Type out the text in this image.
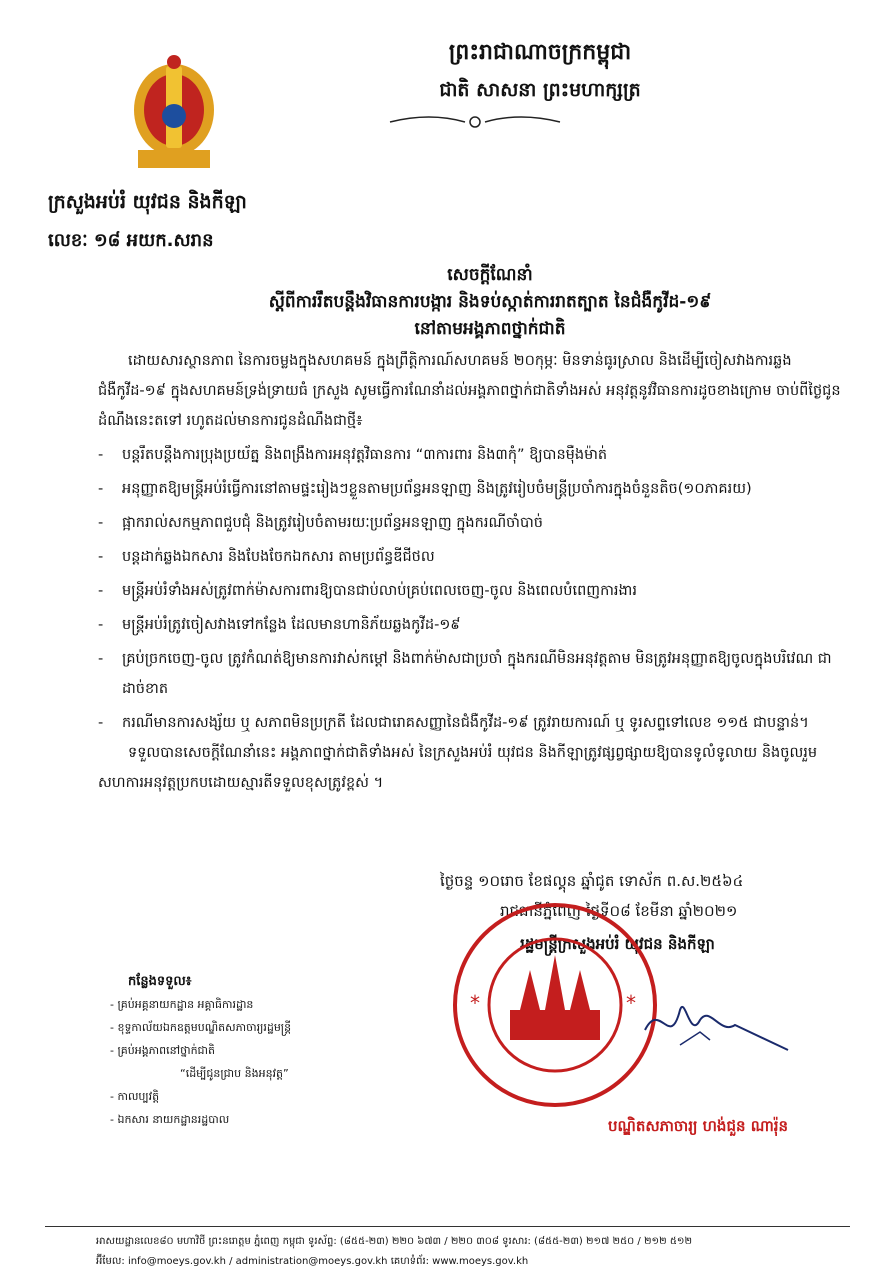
ព្រះរាជាណាចក្រកម្ពុជា
ជាតិ សាសនា ព្រះមហាក្សត្រ
ក្រសួងអប់រំ យុវជន និងកីឡា
លេខៈ ១៨ អយក.សរាន
សេចក្តីណែនាំ
ស្តីពីការរឹតបន្តឹងវិធានការបង្ការ និងទប់ស្កាត់ការរាតត្បាត នៃជំងឺកូវីដ-១៩
នៅតាមអង្គភាពថ្នាក់ជាតិ

ដោយសារស្ថានភាព នៃការចម្លងក្នុងសហគមន៍ ក្នុងព្រឹត្តិការណ៍សហគមន៍ ២០កុម្ភៈ មិនទាន់ធូរស្រាល និងដើម្បីចៀសវាងការឆ្លងជំងឺកូវីដ-១៩ ក្នុងសហគមន៍ទ្រង់ទ្រាយធំ ក្រសួង សូមធ្វើការណែនាំដល់អង្គភាពថ្នាក់ជាតិទាំងអស់ អនុវត្តនូវវិធានការដូចខាងក្រោម ចាប់ពីថ្ងៃជូនដំណឹងនេះតទៅ រហូតដល់មានការជូនដំណឹងជាថ្មី៖

- បន្តរឹតបន្តឹងការប្រុងប្រយ័ត្ន និងពង្រឹងការអនុវត្តវិធានការ “៣ការពារ និង៣កុំ” ឱ្យបានម៉ឺងម៉ាត់
- អនុញ្ញាតឱ្យមន្រ្តីអប់រំធ្វើការនៅតាមផ្ទះរៀងៗខ្លួនតាមប្រព័ន្ធអនឡាញ និងត្រូវរៀបចំមន្រ្តីប្រចាំការក្នុងចំនួនតិច(១០ភាគរយ)
- ផ្អាករាល់សកម្មភាពជួបជុំ និងត្រូវរៀបចំតាមរយៈប្រព័ន្ធអនឡាញ ក្នុងករណីចាំបាច់
- បន្តដាក់ឆ្លងឯកសារ និងបែងចែកឯកសារ តាមប្រព័ន្ធឌីជីថល
- មន្រ្តីអប់រំទាំងអស់ត្រូវពាក់ម៉ាសការពារឱ្យបានជាប់លាប់គ្រប់ពេលចេញ-ចូល និងពេលបំពេញការងារ
- មន្រ្តីអប់រំត្រូវចៀសវាងទៅកន្លែង ដែលមានហានិភ័យឆ្លងកូវីដ-១៩
- គ្រប់ច្រកចេញ-ចូល ត្រូវកំណត់ឱ្យមានការវាស់កម្តៅ និងពាក់ម៉ាសជាប្រចាំ ក្នុងករណីមិនអនុវត្តតាម មិនត្រូវអនុញ្ញាតឱ្យចូលក្នុងបរិវេណ ជាដាច់ខាត
- ករណីមានការសង្ស័យ ឬ សភាពមិនប្រក្រតី ដែលជារោគសញ្ញានៃជំងឺកូវីដ-១៩ ត្រូវរាយការណ៍ ឬ ទូរសព្ទទៅលេខ ១១៥ ជាបន្ទាន់។

ទទួលបានសេចក្តីណែនាំនេះ អង្គភាពថ្នាក់ជាតិទាំងអស់ នៃក្រសួងអប់រំ យុវជន និងកីឡាត្រូវផ្សព្វផ្សាយឱ្យបានទូលំទូលាយ និងចូលរួមសហការអនុវត្តប្រកបដោយស្មារតីទទួលខុសត្រូវខ្ពស់ ។

ថ្ងៃចន្ទ ១០រោច ខែផល្គុន ឆ្នាំជូត ទោស័ក ព.ស.២៥៦៤
រាជធានីភ្នំពេញ ថ្ងៃទី០៨ ខែមីនា ឆ្នាំ២០២១
រដ្ឋមន្ត្រីក្រសួងអប់រំ យុវជន និងកីឡា
*	*
បណ្ឌិតសភាចារ្យ ហង់ជួន ណារ៉ុន
កន្លែងទទួល៖
- គ្រប់អគ្គនាយកដ្ឋាន អគ្គាធិការដ្ឋាន
- ខុទ្ទកាល័យឯកឧត្តមបណ្ឌិតសភាចារ្យរដ្ឋមន្រ្តី
- គ្រប់អង្គភាពនៅថ្នាក់ជាតិ
“ដើម្បីជូនជ្រាប និងអនុវត្ត”
- កាលប្បវត្តិ
- ឯកសារ នាយកដ្ឋានរដ្ឋបាល
អាសយដ្ឋានលេខ៨០ មហាវិថី ព្រះនរោត្តម ភ្នំពេញ កម្ពុជា ទូរស័ព្ទ: (៨៥៥-២៣) ២២០ ៦៧៣ / ២២០ ៣០៨ ទូរសារ: (៨៥៥-២៣) ២១៧ ២៥០ / ២១២ ៥១២
អ៊ីមែល: info@moeys.gov.kh / administration@moeys.gov.kh គេហទំព័រ: www.moeys.gov.kh
